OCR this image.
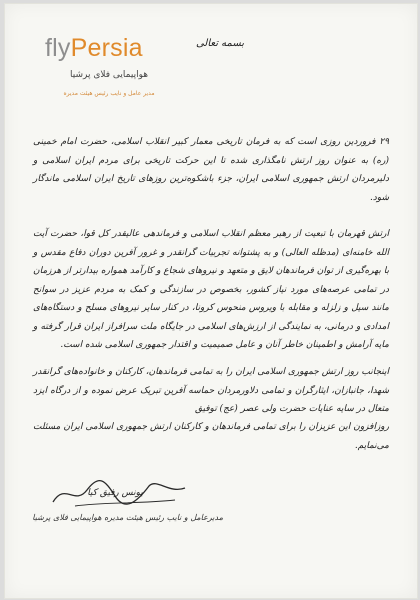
flyPersia
هواپیمایی فلای پرشیا
مدیر عامل و نایب رئیس هیئت مدیره
بسمه تعالی

۲۹ فروردین روزی است که به فرمان تاریخی معمار کبیر انقلاب اسلامی، حضرت امام خمینی (ره) به عنوان روز ارتش نامگذاری شده تا این حرکت تاریخی برای مردم ایران اسلامی و دلیرمردان ارتش جمهوری اسلامی ایران، جزء باشکوه‌ترین روزهای تاریخ ایران اسلامی ماندگار شود.

ارتش قهرمان با تبعیت از رهبر معظم انقلاب اسلامی و فرماندهی عالیقدر کل قوا، حضرت آیت الله خامنه‌ای (مدظله العالی) و به پشتوانه تجربیات گرانقدر و غرور آفرین دوران دفاع مقدس و با بهره‌گیری از توان فرماندهان لایق و متعهد و نیروهای شجاع و کارآمد همواره بیدارتر از هرزمان در تمامی عرصه‌های مورد نیاز کشور، بخصوص در سازندگی و کمک به مردم عزیز در سوانح مانند سیل و زلزله و مقابله با ویروس منحوس کرونا، در کنار سایر نیروهای مسلح و دستگاه‌های امدادی و درمانی، به نمایندگی از ارزش‌های اسلامی در جایگاه ملت سرافراز ایران قرار گرفته و مایه آرامش و اطمینان خاطر آنان و عامل صمیمیت و اقتدار جمهوری اسلامی شده است.

اینجانب روز ارتش جمهوری اسلامی ایران را به تمامی فرماندهان، کارکنان و خانواده‌های گرانقدر شهدا، جانبازان، ایثارگران و تمامی دلاورمردان حماسه آفرین تبریک عرض نموده و از درگاه ایزد متعال در سایه عنایات حضرت ولی عصر (عج) توفیق

روزافزون این عزیزان را برای تمامی فرماندهان و کارکنان ارتش جمهوری اسلامی ایران مسئلت می‌نمایم.

یونس رفیق کیا
مدیرعامل و نایب رئیس هیئت مدیره هواپیمایی فلای پرشیا
